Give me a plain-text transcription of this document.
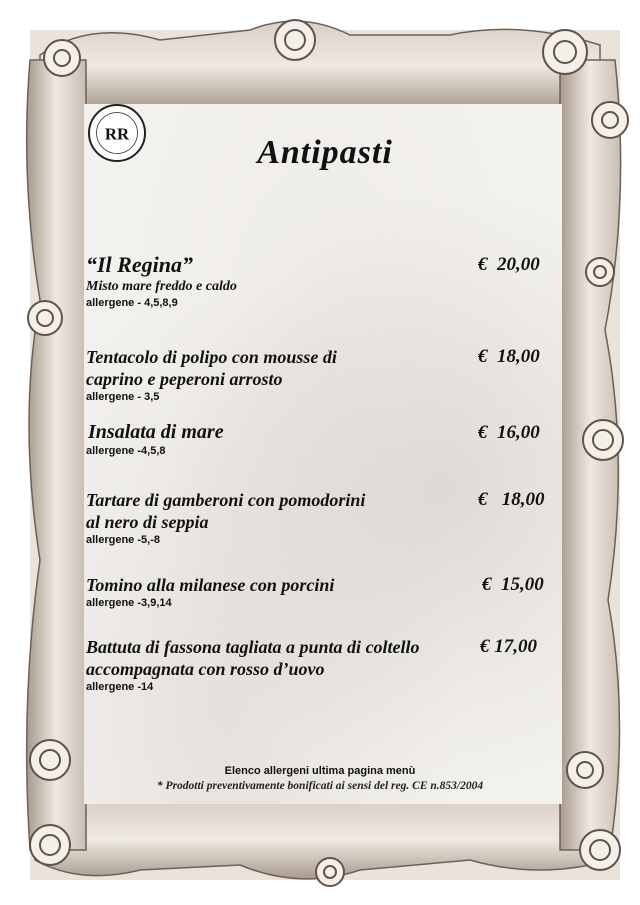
RR	Antipasti
“Il Regina”
Misto mare freddo e caldo
allergene - 4,5,8,9
€  20,00
Tentacolo di polipo con mousse di
caprino e peperoni arrosto
allergene - 3,5
€  18,00
Insalata di mare
allergene -4,5,8
€  16,00
Tartare di gamberoni con pomodorini
al nero di seppia
allergene -5,-8
€   18,00
Tomino alla milanese con porcini
allergene -3,9,14
€  15,00
Battuta di fassona tagliata a punta di coltello
accompagnata con rosso d’uovo
allergene -14
€ 17,00
Elenco allergeni ultima pagina menù
* Prodotti preventivamente bonificati ai sensi del reg. CE n.853/2004
